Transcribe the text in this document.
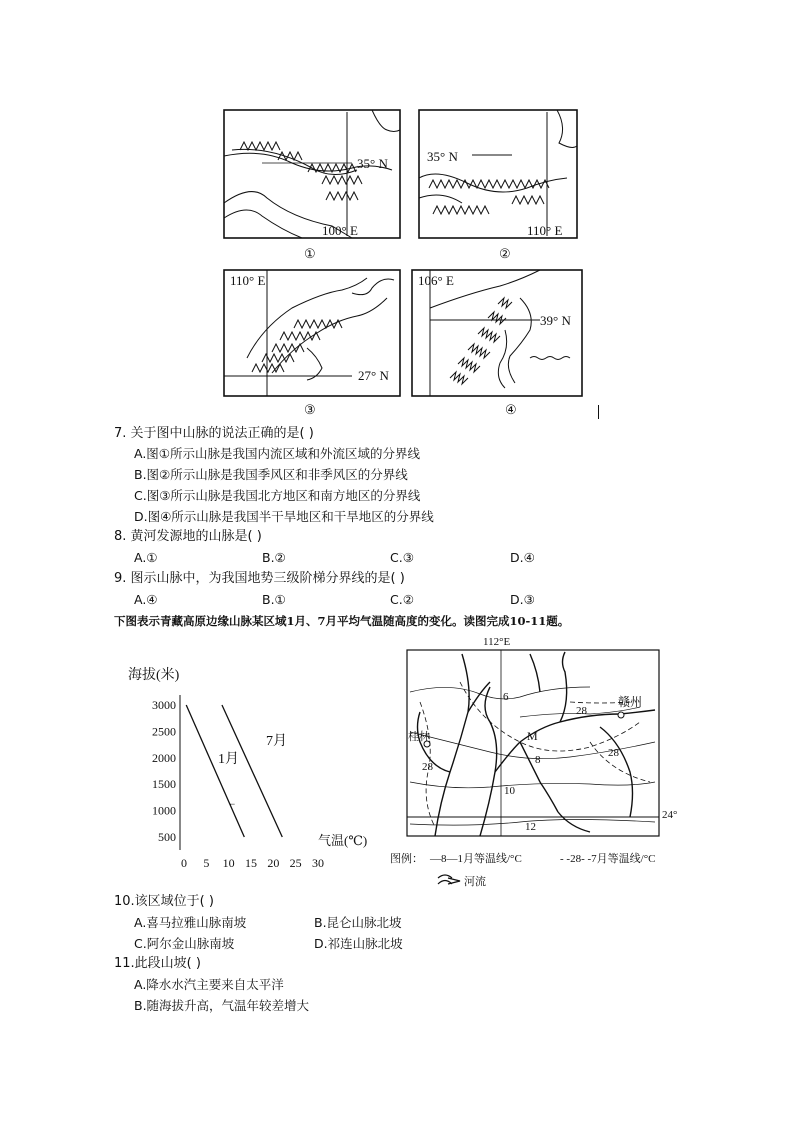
35° N
100° E
①
35° N
110° E
②
110° E
27° N
③
106° E
39° N
④
7. 关于图中山脉的说法正确的是( )
A.图①所示山脉是我国内流区域和外流区域的分界线
B.图②所示山脉是我国季风区和非季风区的分界线
C.图③所示山脉是我国北方地区和南方地区的分界线
D.图④所示山脉是我国半干旱地区和干旱地区的分界线
8. 黄河发源地的山脉是( )
A.①	B.②	C.③	D.④
9. 图示山脉中，为我国地势三级阶梯分界线的是( )
A.④	B.①	C.②	D.③
下图表示青藏高原边缘山脉某区域1月、7月平均气温随高度的变化。读图完成10-11题。
海拔(米)
气温(℃)
500
1000
1500
2000
2500
3000
0 5 10 15 20 25 30
1月
7月
⌐
112°E
24°
赣州
桂林	M
6
8
10
12
28
28
28
图例： —8—1月等温线/°C	- -28- -7月等温线/°C
河流
10.该区域位于( )
A.喜马拉雅山脉南坡	B.昆仑山脉北坡
C.阿尔金山脉南坡	D.祁连山脉北坡
11.此段山坡( )
A.降水水汽主要来自太平洋
B.随海拔升高，气温年较差增大
